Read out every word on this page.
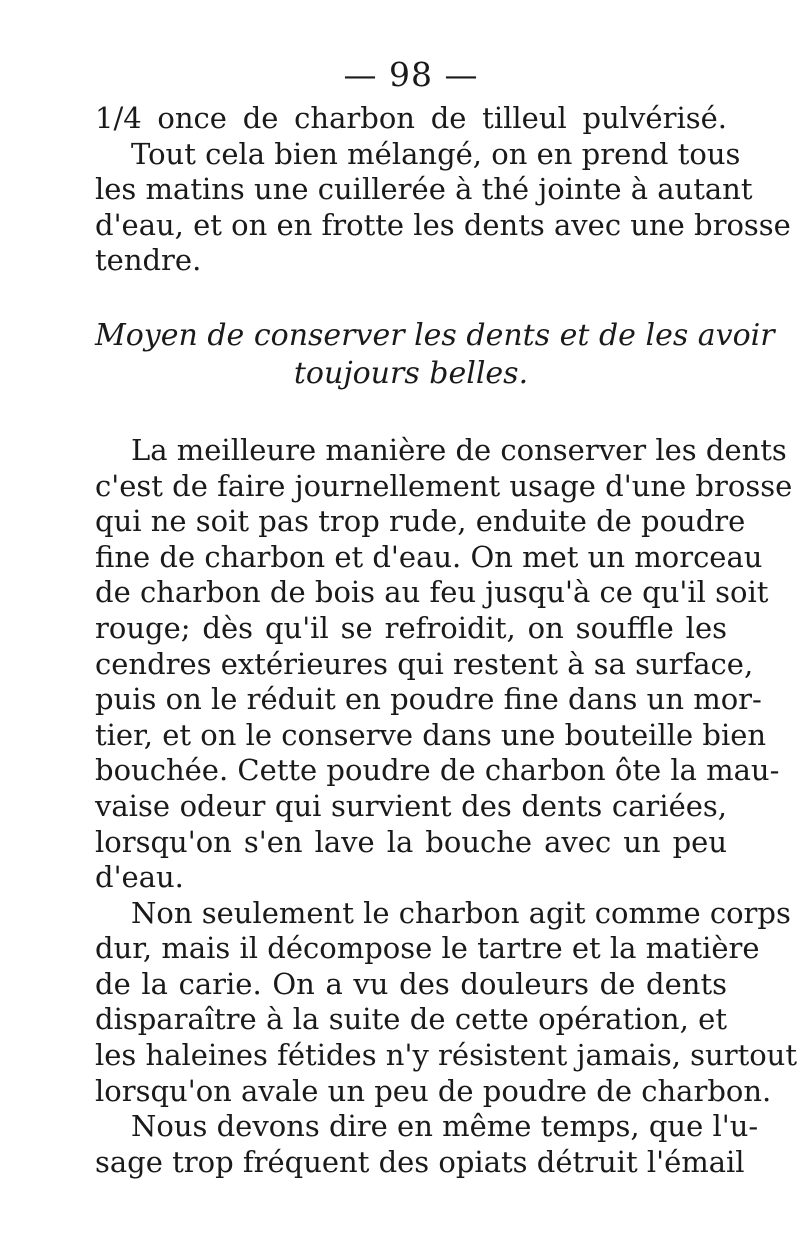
— 98 —
1/4 once de charbon de tilleul pulvérisé.
Tout cela bien mélangé, on en prend tous
les matins une cuillerée à thé jointe à autant
d'eau, et on en frotte les dents avec une brosse
tendre.
Moyen de conserver les dents et de les avoir
toujours belles.
La meilleure manière de conserver les dents
c'est de faire journellement usage d'une brosse
qui ne soit pas trop rude, enduite de poudre
fine de charbon et d'eau. On met un morceau
de charbon de bois au feu jusqu'à ce qu'il soit
rouge; dès qu'il se refroidit, on souffle les
cendres extérieures qui restent à sa surface,
puis on le réduit en poudre fine dans un mor-
tier, et on le conserve dans une bouteille bien
bouchée. Cette poudre de charbon ôte la mau-
vaise odeur qui survient des dents cariées,
lorsqu'on s'en lave la bouche avec un peu
d'eau.
Non seulement le charbon agit comme corps
dur, mais il décompose le tartre et la matière
de la carie. On a vu des douleurs de dents
disparaître à la suite de cette opération, et
les haleines fétides n'y résistent jamais, surtout
lorsqu'on avale un peu de poudre de charbon.
Nous devons dire en même temps, que l'u-
sage trop fréquent des opiats détruit l'émail
